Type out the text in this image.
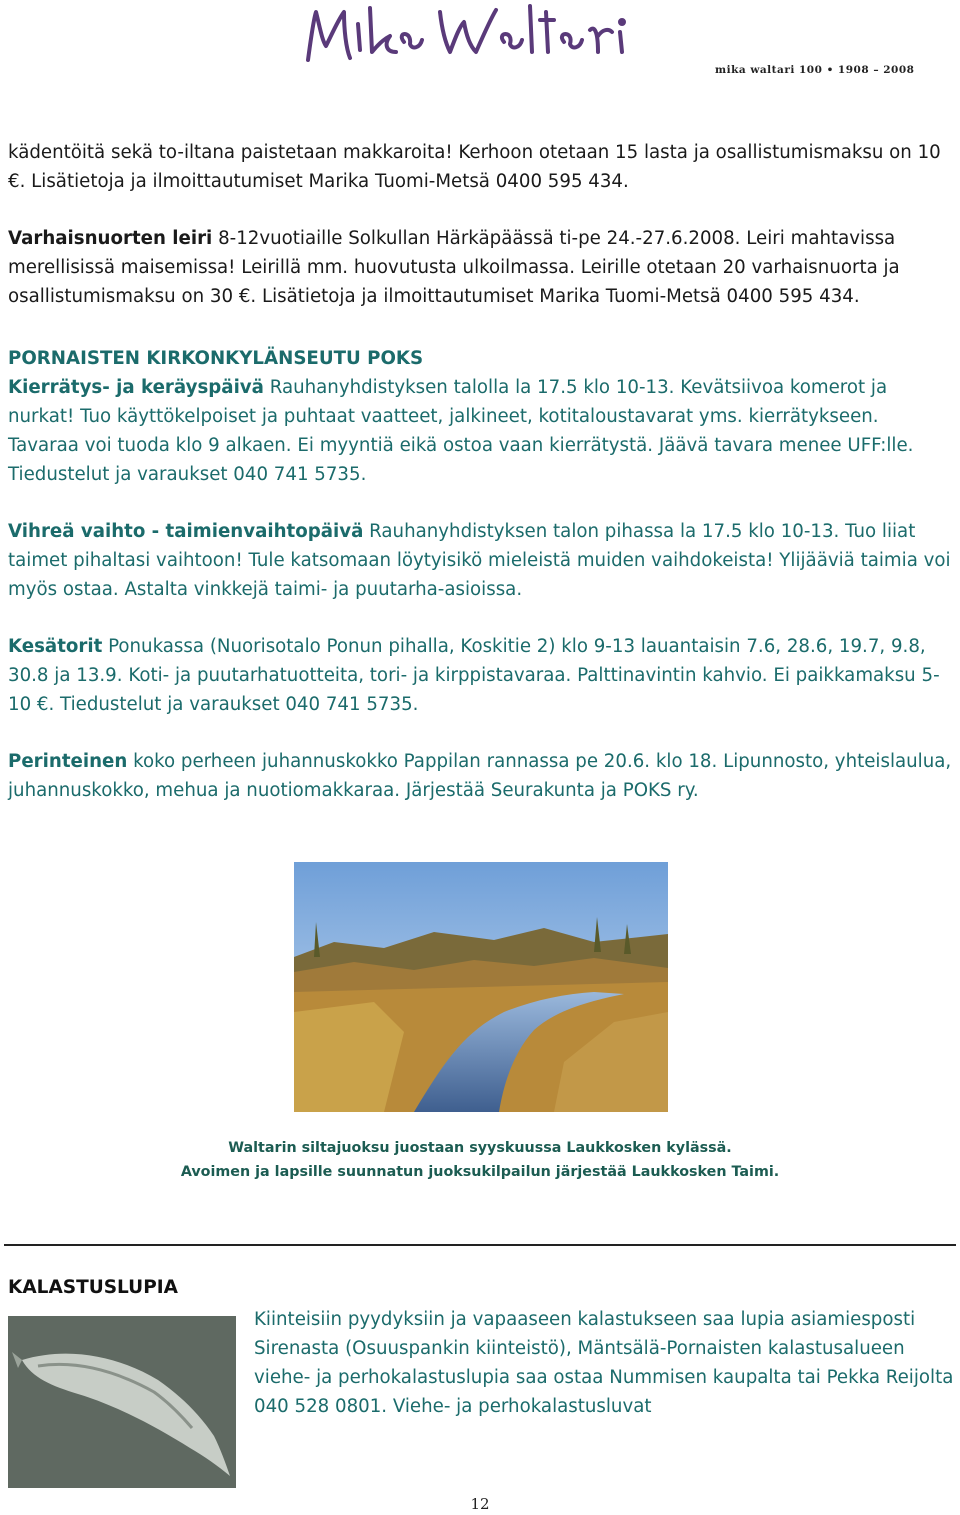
mika waltari 100 • 1908 – 2008

kädentöitä sekä to-iltana paistetaan makkaroita! Kerhoon otetaan 15 lasta ja osallistumismaksu on 10 €. Lisätietoja ja ilmoittautumiset Marika Tuomi-Metsä 0400 595 434.

Varhaisnuorten leiri 8-12vuotiaille Solkullan Härkäpäässä ti-pe 24.-27.6.2008. Leiri mahtavissa merellisissä maisemissa! Leirillä mm. huovutusta ulkoilmassa. Leirille otetaan 20 varhaisnuorta ja osallistumismaksu on 30 €. Lisätietoja ja ilmoittautumiset Marika Tuomi-Metsä 0400 595 434.

PORNAISTEN KIRKONKYLÄNSEUTU POKS
Kierrätys- ja keräyspäivä Rauhanyhdistyksen talolla la 17.5 klo 10-13. Kevätsiivoa komerot ja nurkat! Tuo käyttökelpoiset ja puhtaat vaatteet, jalkineet, kotitaloustavarat yms. kierrätykseen. Tavaraa voi tuoda klo 9 alkaen. Ei myyntiä eikä ostoa vaan kierrätystä. Jäävä tavara menee UFF:lle. Tiedustelut ja varaukset 040 741 5735.

Vihreä vaihto - taimienvaihtopäivä Rauhanyhdistyksen talon pihassa la 17.5 klo 10-13. Tuo liiat taimet pihaltasi vaihtoon! Tule katsomaan löytyisikö mieleistä muiden vaihdokeista! Ylijääviä taimia voi myös ostaa. Astalta vinkkejä taimi- ja puutarha-asioissa.

Kesätorit Ponukassa (Nuorisotalo Ponun pihalla, Koskitie 2) klo 9-13 lauantaisin 7.6, 28.6, 19.7, 9.8, 30.8 ja 13.9. Koti- ja puutarhatuotteita, tori- ja kirppistavaraa. Palttinavintin kahvio. Ei paikkamaksu 5-10 €. Tiedustelut ja varaukset 040 741 5735.

Perinteinen koko perheen juhannuskokko Pappilan rannassa pe 20.6. klo 18. Lipunnosto, yhteislaulua, juhannuskokko, mehua ja nuotiomakkaraa. Järjestää Seurakunta ja POKS ry.

Waltarin siltajuoksu juostaan syyskuussa Laukkosken kylässä.
Avoimen ja lapsille suunnatun juoksukilpailun järjestää Laukkosken Taimi.
KALASTUSLUPIA

Kiinteisiin pyydyksiin ja vapaaseen kalastukseen saa lupia asiamiesposti Sirenasta (Osuuspankin kiinteistö), Mäntsälä-Pornaisten kalastusalueen viehe- ja perhokalastuslupia saa ostaa Nummisen kaupalta tai Pekka Reijolta 040 528 0801. Viehe- ja perhokalastusluvat

12
